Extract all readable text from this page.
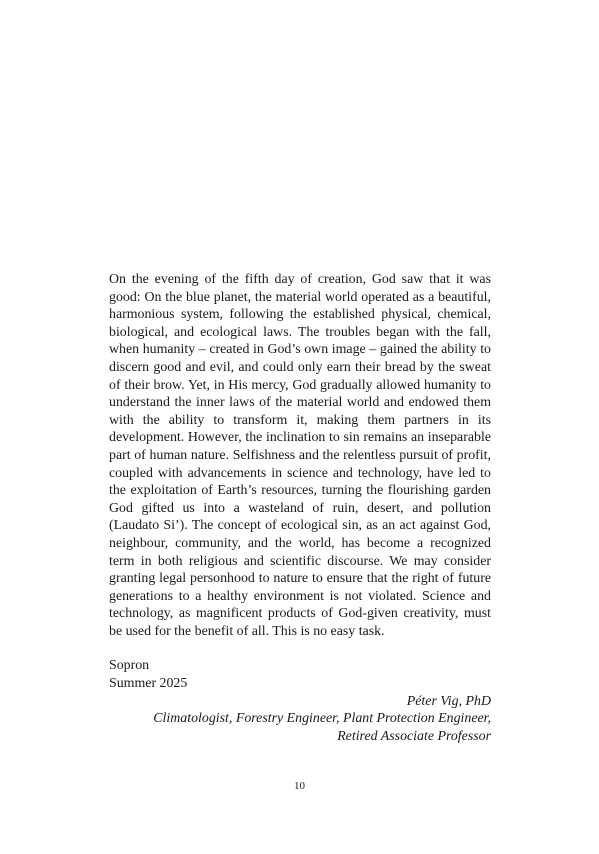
On the evening of the fifth day of creation, God saw that it was good: On the blue planet, the material world operated as a beautiful, harmonious system, following the established physical, chemical, biological, and ecological laws. The troubles began with the fall, when humanity – created in God’s own image – gained the ability to discern good and evil, and could only earn their bread by the sweat of their brow. Yet, in His mercy, God gradually allowed humanity to understand the inner laws of the material world and endowed them with the ability to transform it, making them partners in its development. However, the inclination to sin remains an inseparable part of human nature. Selfishness and the relentless pursuit of profit, coupled with advancements in science and technology, have led to the exploitation of Earth’s resources, turning the flourishing garden God gifted us into a wasteland of ruin, desert, and pollution (Laudato Si’). The concept of ecological sin, as an act against God, neighbour, community, and the world, has become a recognized term in both religious and scientific discourse. We may consider granting legal personhood to nature to ensure that the right of future generations to a healthy environment is not violated. Science and technology, as magnificent products of God-given creativity, must be used for the benefit of all. This is no easy task.

Sopron
Summer 2025
Péter Vig, PhD
Climatologist, Forestry Engineer, Plant Protection Engineer,
Retired Associate Professor
10
